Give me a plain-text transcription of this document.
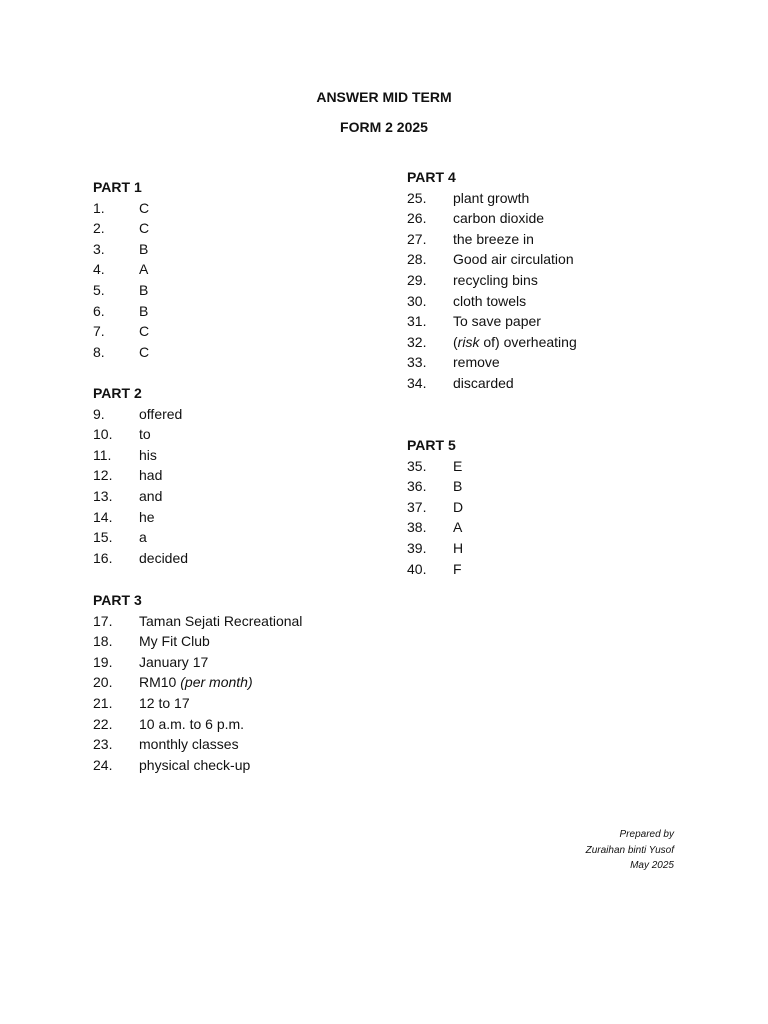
ANSWER MID TERM
FORM 2 2025
PART 1
1. C
2. C
3. B
4. A
5. B
6. B
7. C
8. C
PART 2
9. offered
10. to
11. his
12. had
13. and
14. he
15. a
16. decided
PART 3
17. Taman Sejati Recreational
18. My Fit Club
19. January 17
20. RM10 (per month)
21. 12 to 17
22. 10 a.m. to 6 p.m.
23. monthly classes
24. physical check-up
PART 4
25. plant growth
26. carbon dioxide
27. the breeze in
28. Good air circulation
29. recycling bins
30. cloth towels
31. To save paper
32. (risk of) overheating
33. remove
34. discarded
PART 5
35. E
36. B
37. D
38. A
39. H
40. F
Prepared by
Zuraihan binti Yusof
May 2025
